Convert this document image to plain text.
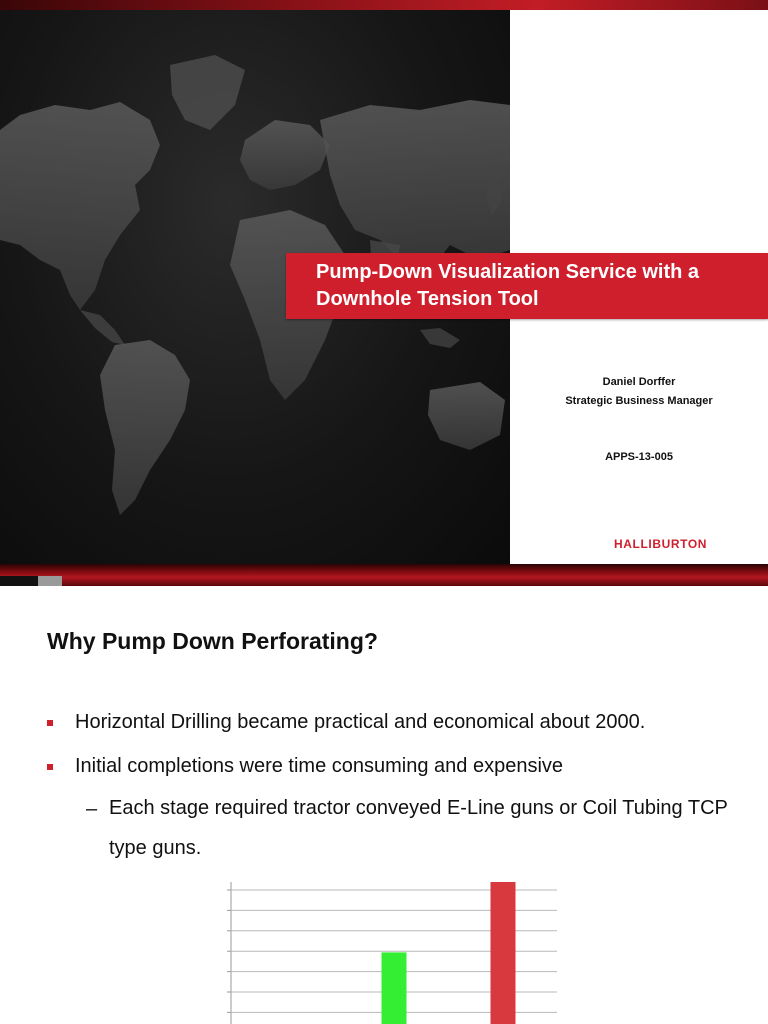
Pump-Down Visualization Service with a Downhole Tension Tool
Daniel Dorffer
Strategic Business Manager
APPS-13-005
HALLIBURTON
Why Pump Down Perforating?
Horizontal Drilling became practical and economical about 2000.
Initial completions were time consuming and expensive
– Each stage required tractor conveyed E-Line guns or Coil Tubing TCP type guns.
